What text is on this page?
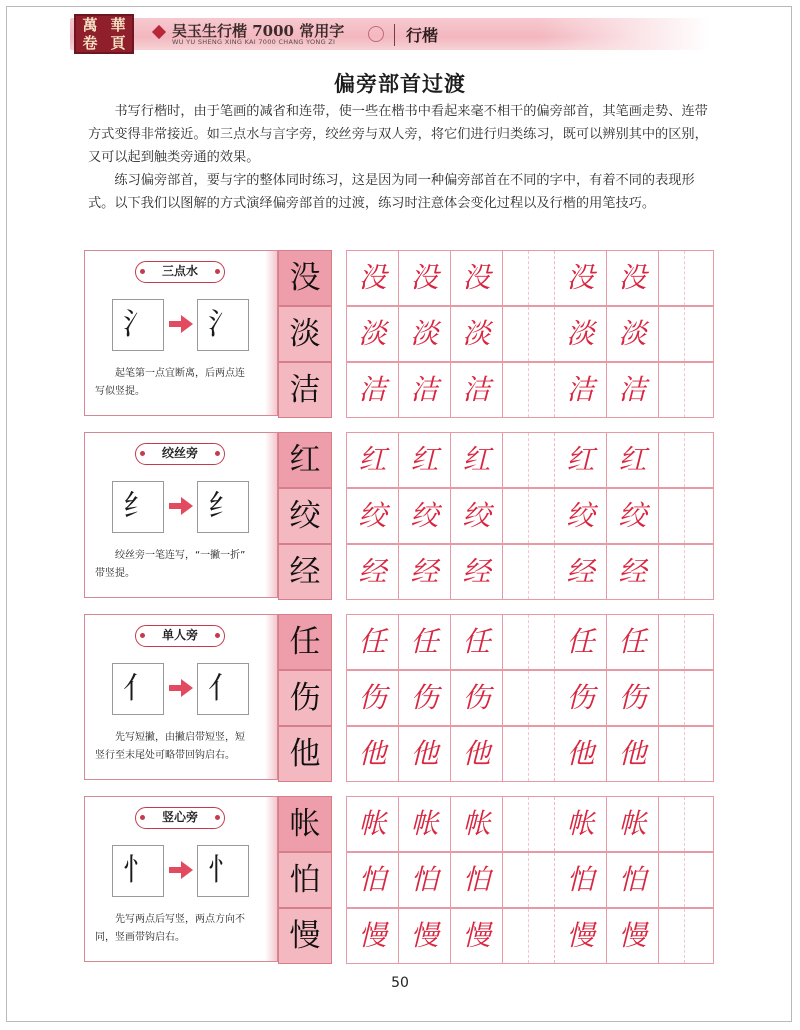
萬 華
卷 頁
吴玉生行楷 7000 常用字
WU YU SHENG XING KAI 7000 CHANG YONG ZI	行楷
偏旁部首过渡

书写行楷时，由于笔画的减省和连带，使一些在楷书中看起来毫不相干的偏旁部首，其笔画走势、连带方式变得非常接近。如三点水与言字旁，绞丝旁与双人旁，将它们进行归类练习，既可以辨别其中的区别，又可以起到触类旁通的效果。

练习偏旁部首，要与字的整体同时练习，这是因为同一种偏旁部首在不同的字中，有着不同的表现形式。以下我们以图解的方式演绎偏旁部首的过渡，练习时注意体会变化过程以及行楷的用笔技巧。

三点水
氵	氵
起笔第一点宜断离，后两点连
写似竖提。
没	没 没 没	没 没
淡	淡 淡 淡	淡 淡
洁	洁 洁 洁	洁 洁
绞丝旁
纟	纟
绞丝旁一笔连写，“一撇一折”
带竖提。
红	红 红 红	红 红
绞	绞 绞 绞	绞 绞
经	经 经 经	经 经
单人旁
亻	亻
先写短撇，由撇启带短竖，短
竖行至末尾处可略带回钩启右。
任	任 任 任	任 任
伤	伤 伤 伤	伤 伤
他	他 他 他	他 他
竖心旁
忄	忄
先写两点后写竖，两点方向不
同，竖画带钩启右。
帐	帐 帐 帐	帐 帐
怕	怕 怕 怕	怕 怕
慢	慢 慢 慢	慢 慢
50
